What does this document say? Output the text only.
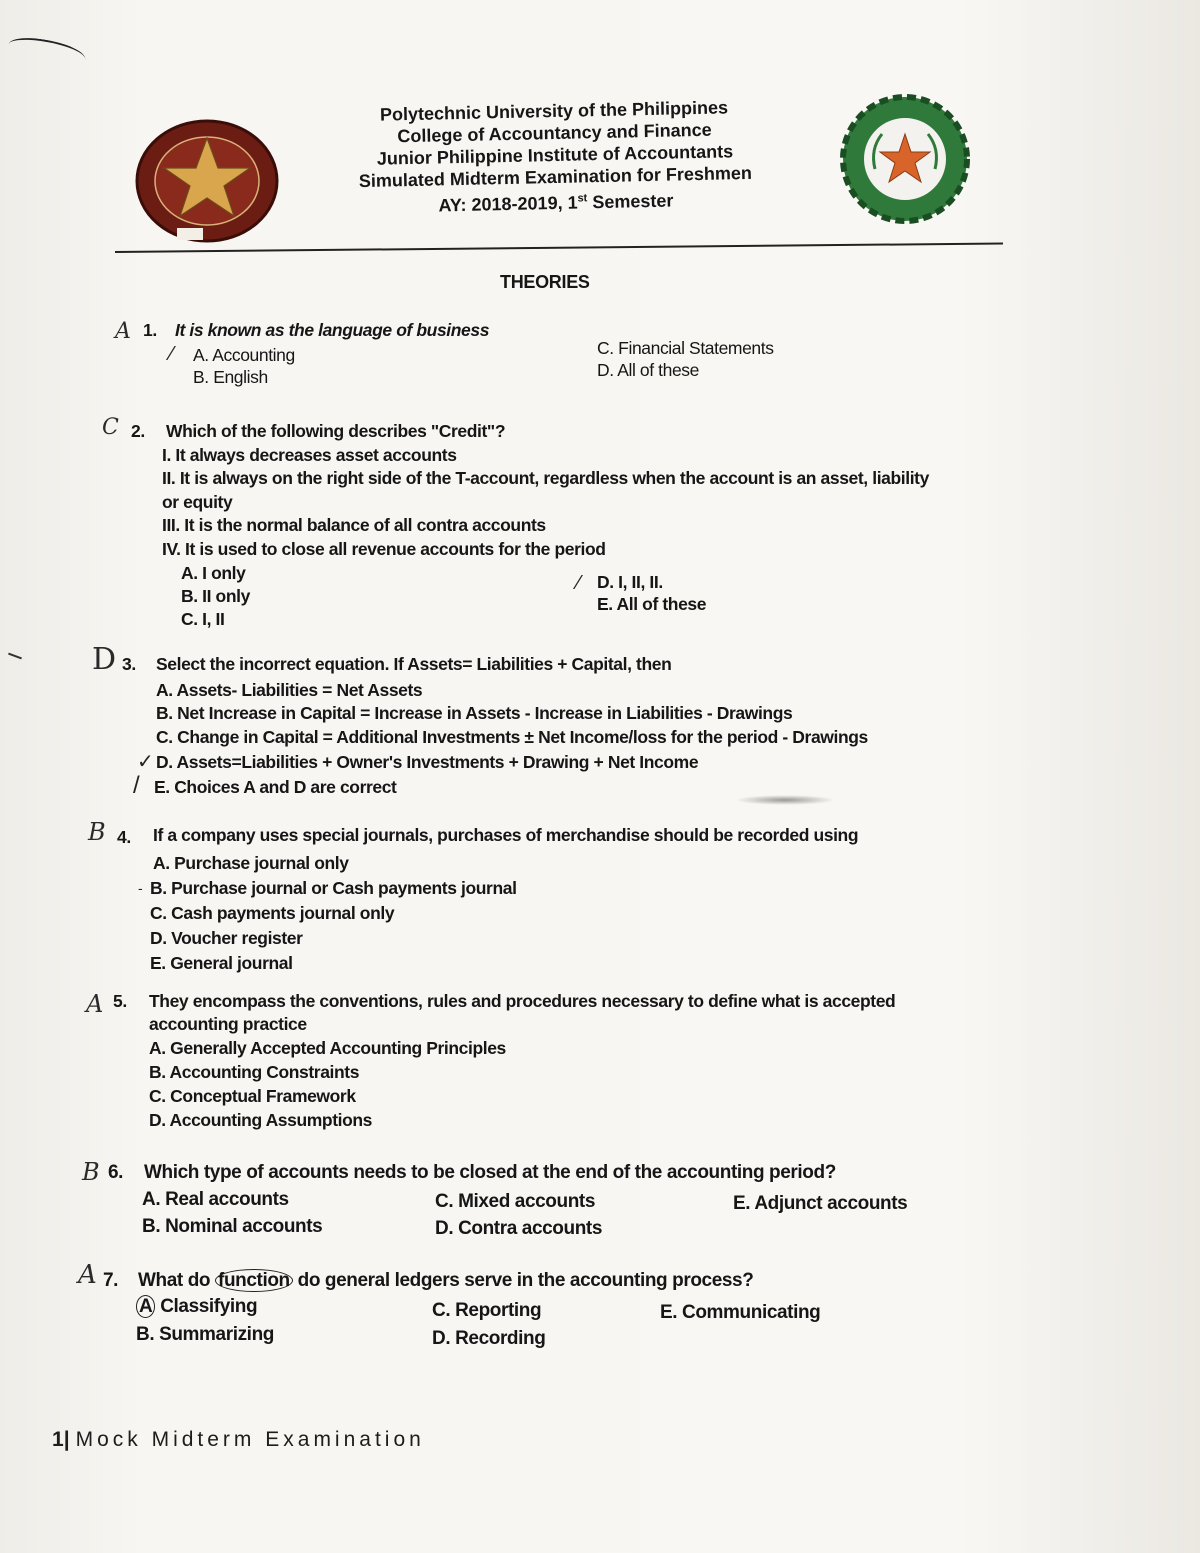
Polytechnic University of the Philippines
College of Accountancy and Finance
Junior Philippine Institute of Accountants
Simulated Midterm Examination for Freshmen
AY: 2018-2019, 1st Semester
THEORIES
A 1. It is known as the language of business
⁄ A. Accounting
B. English
C. Financial Statements
D. All of these
C 2. Which of the following describes "Credit"?
I. It always decreases asset accounts
II. It is always on the right side of the T-account, regardless when the account is an asset, liability
or equity
III. It is the normal balance of all contra accounts
IV. It is used to close all revenue accounts for the period
A. I only
B. II only
C. I, II
⁄ D. I, II, II.
E. All of these
D 3. Select the incorrect equation. If Assets= Liabilities + Capital, then
A. Assets- Liabilities = Net Assets
B. Net Increase in Capital = Increase in Assets - Increase in Liabilities - Drawings
C. Change in Capital = Additional Investments ± Net Income/loss for the period - Drawings
✓ D. Assets=Liabilities + Owner's Investments + Drawing + Net Income
/ E. Choices A and D are correct
B 4. If a company uses special journals, purchases of merchandise should be recorded using
A. Purchase journal only
- B. Purchase journal or Cash payments journal
C. Cash payments journal only
D. Voucher register
E. General journal
A 5. They encompass the conventions, rules and procedures necessary to define what is accepted
accounting practice
A. Generally Accepted Accounting Principles
B. Accounting Constraints
C. Conceptual Framework
D. Accounting Assumptions
B 6. Which type of accounts needs to be closed at the end of the accounting period?
A. Real accounts
B. Nominal accounts
C. Mixed accounts
D. Contra accounts
E. Adjunct accounts
A 7. What do function do general ledgers serve in the accounting process?
A Classifying
B. Summarizing
C. Reporting
D. Recording
E. Communicating
1| Mock Midterm Examination
